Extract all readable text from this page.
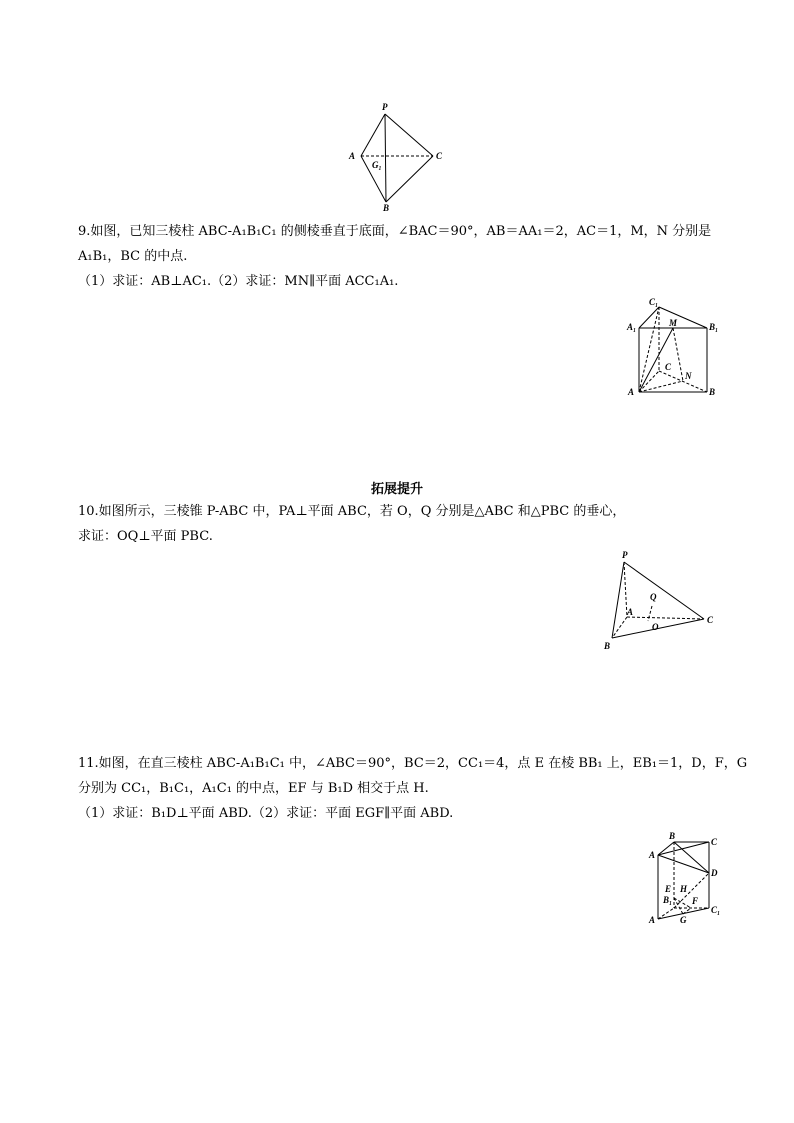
P
A	C
G₁
B
9.如图，已知三棱柱 ABC-A₁B₁C₁ 的侧棱垂直于底面，∠BAC＝90°，AB＝AA₁＝2，AC＝1，M，N 分别是
A₁B₁，BC 的中点.
（1）求证：AB⊥AC₁.（2）求证：MN∥平面 ACC₁A₁.
C₁
A₁	M	B₁
C
N
A	B
拓展提升
10.如图所示，三棱锥 P-ABC 中，PA⊥平面 ABC，若 O，Q 分别是△ABC 和△PBC 的垂心，
求证：OQ⊥平面 PBC.
P
Q
A
O
C
B
11.如图，在直三棱柱 ABC-A₁B₁C₁ 中，∠ABC＝90°，BC＝2，CC₁＝4，点 E 在棱 BB₁ 上，EB₁＝1，D，F，G
分别为 CC₁，B₁C₁，A₁C₁ 的中点，EF 与 B₁D 相交于点 H.
（1）求证：B₁D⊥平面 ABD.（2）求证：平面 EGF∥平面 ABD.
B
C
A
D
E H
B₁ F
C₁
A	G
